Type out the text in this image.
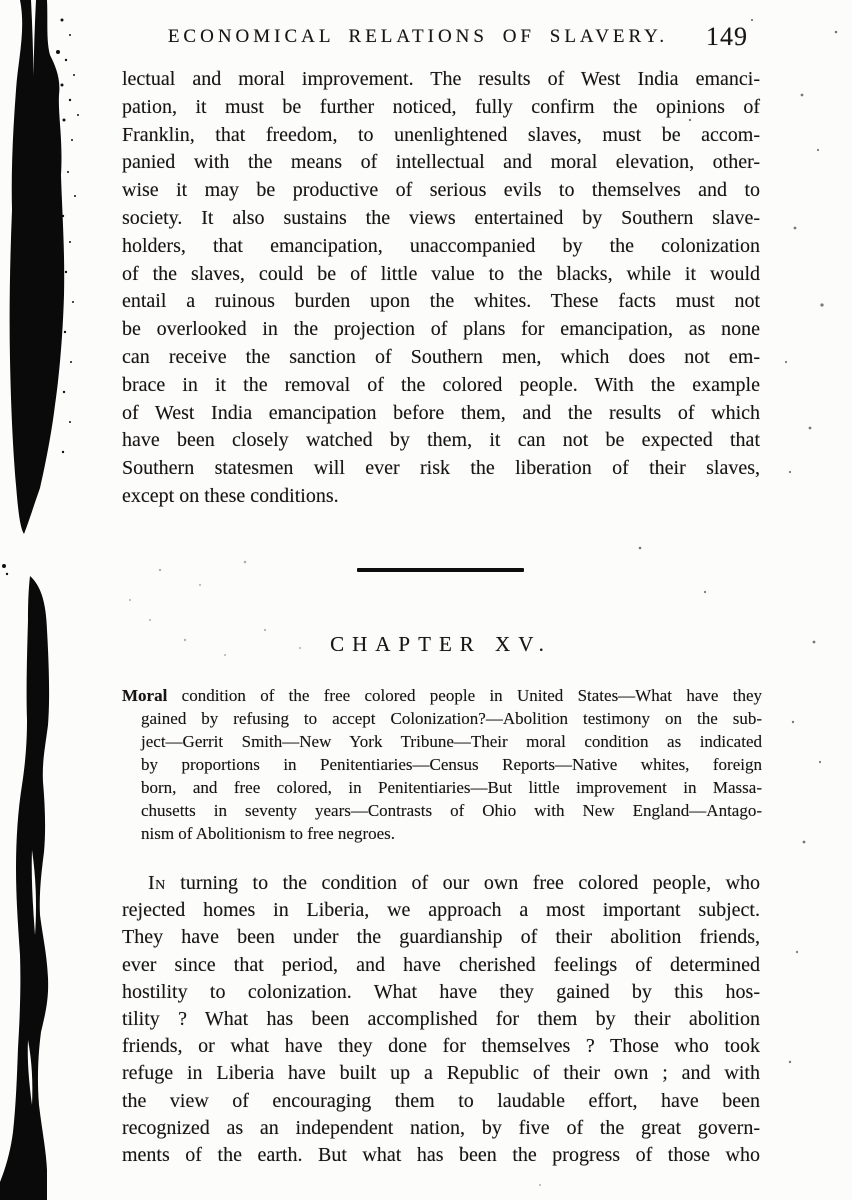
ECONOMICAL RELATIONS OF SLAVERY.	149
lectual and moral improvement. The results of West India emanci-
pation, it must be further noticed, fully confirm the opinions of
Franklin, that freedom, to unenlightened slaves, must be accom-
panied with the means of intellectual and moral elevation, other-
wise it may be productive of serious evils to themselves and to
society. It also sustains the views entertained by Southern slave-
holders, that emancipation, unaccompanied by the colonization
of the slaves, could be of little value to the blacks, while it would
entail a ruinous burden upon the whites. These facts must not
be overlooked in the projection of plans for emancipation, as none
can receive the sanction of Southern men, which does not em-
brace in it the removal of the colored people. With the example
of West India emancipation before them, and the results of which
have been closely watched by them, it can not be expected that
Southern statesmen will ever risk the liberation of their slaves,
except on these conditions.
CHAPTER XV.
Moral condition of the free colored people in United States—What have they
gained by refusing to accept Colonization?—Abolition testimony on the sub-
ject—Gerrit Smith—New York Tribune—Their moral condition as indicated
by proportions in Penitentiaries—Census Reports—Native whites, foreign
born, and free colored, in Penitentiaries—But little improvement in Massa-
chusetts in seventy years—Contrasts of Ohio with New England—Antago-
nism of Abolitionism to free negroes.
In turning to the condition of our own free colored people, who
rejected homes in Liberia, we approach a most important subject.
They have been under the guardianship of their abolition friends,
ever since that period, and have cherished feelings of determined
hostility to colonization. What have they gained by this hos-
tility ? What has been accomplished for them by their abolition
friends, or what have they done for themselves ? Those who took
refuge in Liberia have built up a Republic of their own ; and with
the view of encouraging them to laudable effort, have been
recognized as an independent nation, by five of the great govern-
ments of the earth. But what has been the progress of those who
